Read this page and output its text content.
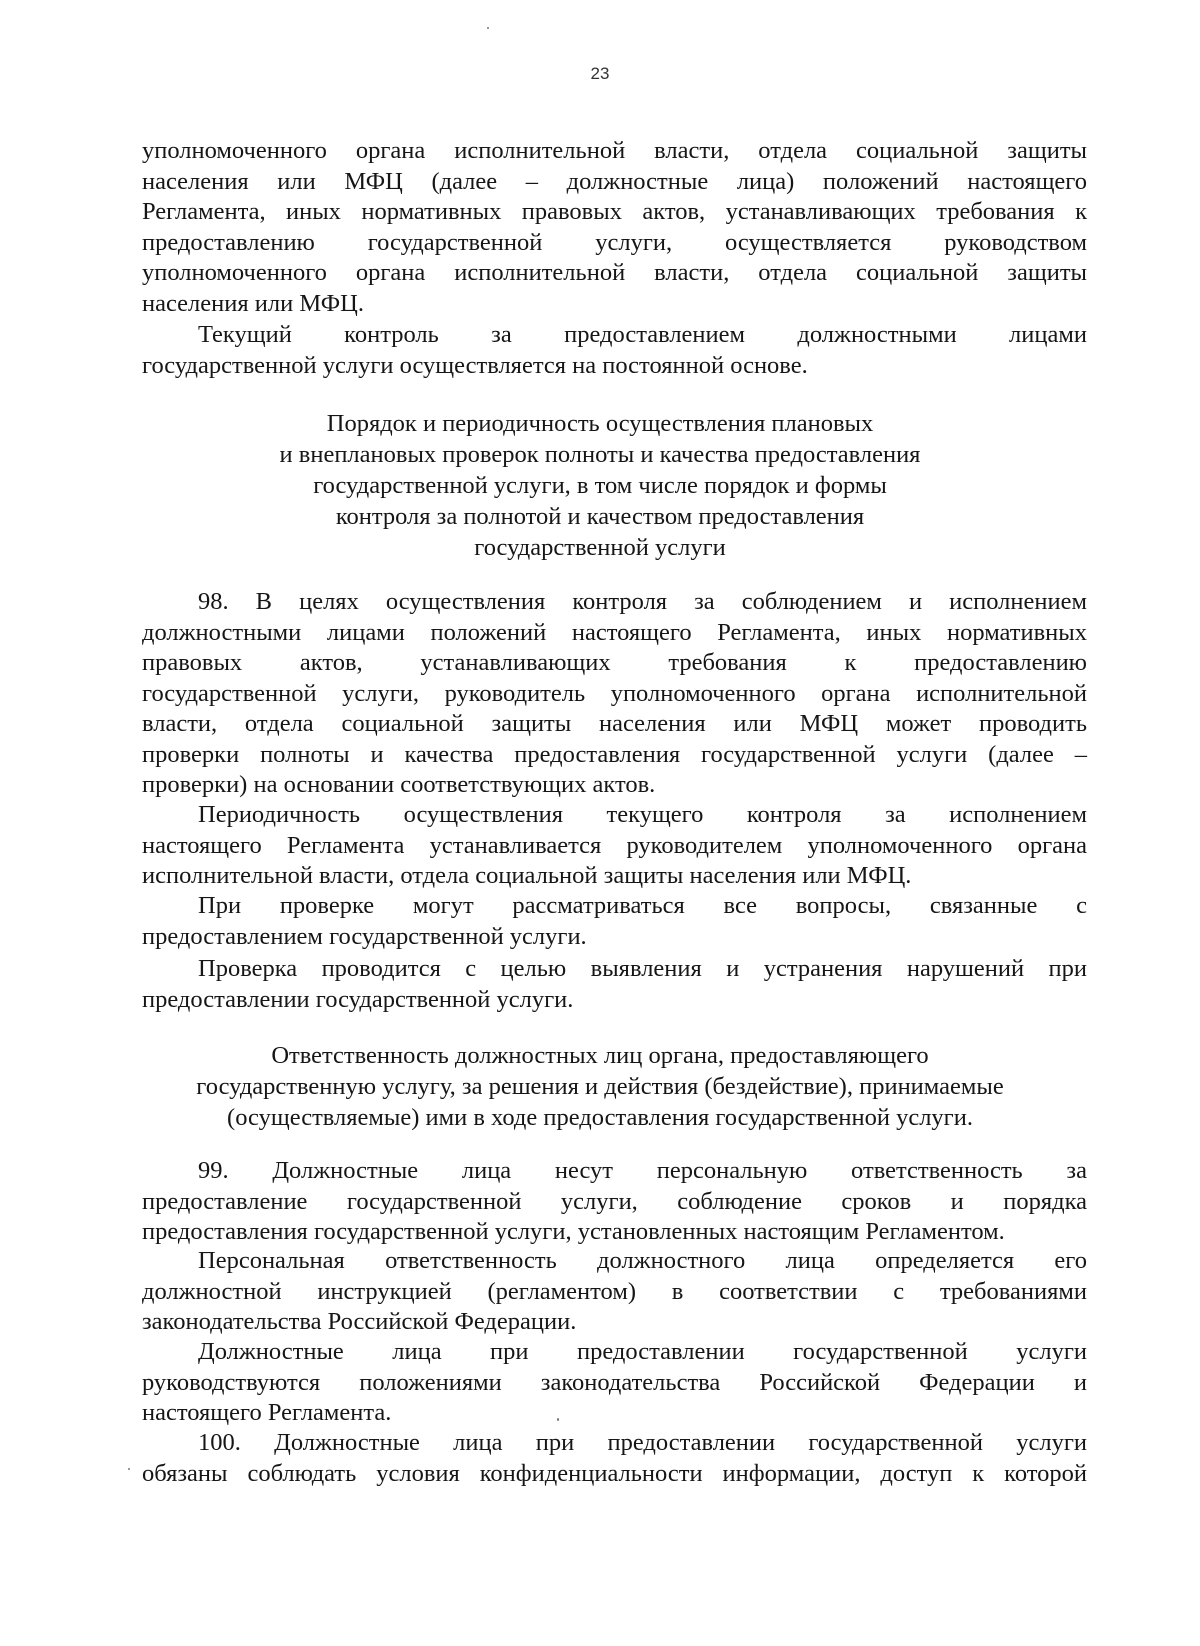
23
уполномоченного органа исполнительной власти, отдела социальной защиты
населения или МФЦ (далее – должностные лица) положений настоящего
Регламента, иных нормативных правовых актов, устанавливающих требования к
предоставлению государственной услуги, осуществляется руководством
уполномоченного органа исполнительной власти, отдела социальной защиты
населения или МФЦ.
Текущий контроль за предоставлением должностными лицами
государственной услуги осуществляется на постоянной основе.
Порядок и периодичность осуществления плановых
и внеплановых проверок полноты и качества предоставления
государственной услуги, в том числе порядок и формы
контроля за полнотой и качеством предоставления
государственной услуги
98. В целях осуществления контроля за соблюдением и исполнением
должностными лицами положений настоящего Регламента, иных нормативных
правовых актов, устанавливающих требования к предоставлению
государственной услуги, руководитель уполномоченного органа исполнительной
власти, отдела социальной защиты населения или МФЦ может проводить
проверки полноты и качества предоставления государственной услуги (далее –
проверки) на основании соответствующих актов.
Периодичность осуществления текущего контроля за исполнением
настоящего Регламента устанавливается руководителем уполномоченного органа
исполнительной власти, отдела социальной защиты населения или МФЦ.
При проверке могут рассматриваться все вопросы, связанные с
предоставлением государственной услуги.
Проверка проводится с целью выявления и устранения нарушений при
предоставлении государственной услуги.
Ответственность должностных лиц органа, предоставляющего
государственную услугу, за решения и действия (бездействие), принимаемые
(осуществляемые) ими в ходе предоставления государственной услуги.
99. Должностные лица несут персональную ответственность за
предоставление государственной услуги, соблюдение сроков и порядка
предоставления государственной услуги, установленных настоящим Регламентом.
Персональная ответственность должностного лица определяется его
должностной инструкцией (регламентом) в соответствии с требованиями
законодательства Российской Федерации.
Должностные лица при предоставлении государственной услуги
руководствуются положениями законодательства Российской Федерации и
настоящего Регламента.
100. Должностные лица при предоставлении государственной услуги
обязаны соблюдать условия конфиденциальности информации, доступ к которой
